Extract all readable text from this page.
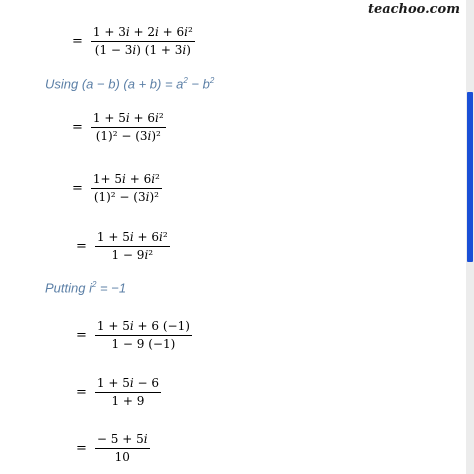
teachoo.com
= $\frac{\text{1 + 3𝑖 + 2𝑖 + 6𝑖²}}{\text{(1 − 3𝑖) (1 + 3𝑖)}}$
Using (a − b) $(a + b) = a^2 - b^2$
= $\frac{\text{1 + 5𝑖 + 6𝑖²}}{\text{(1)² − (3𝑖)²}}$
= $\frac{\text{1+ 5𝑖 + 6𝑖²}}{\text{(1)² − (3𝑖)²}}$
= $\frac{\text{1 + 5𝑖 + 6𝑖²}}{\text{1 − 9𝑖²}}$
Putting $i^2 = -1$
= $\frac{\text{1 + 5𝑖 + 6 (−1)}}{1 - 9 (-1)}$
= $\frac{\text{1 + 5𝑖 − 6}}{1 + 9}$
= $\frac{\text{− 5 + 5𝑖}}{10}$
